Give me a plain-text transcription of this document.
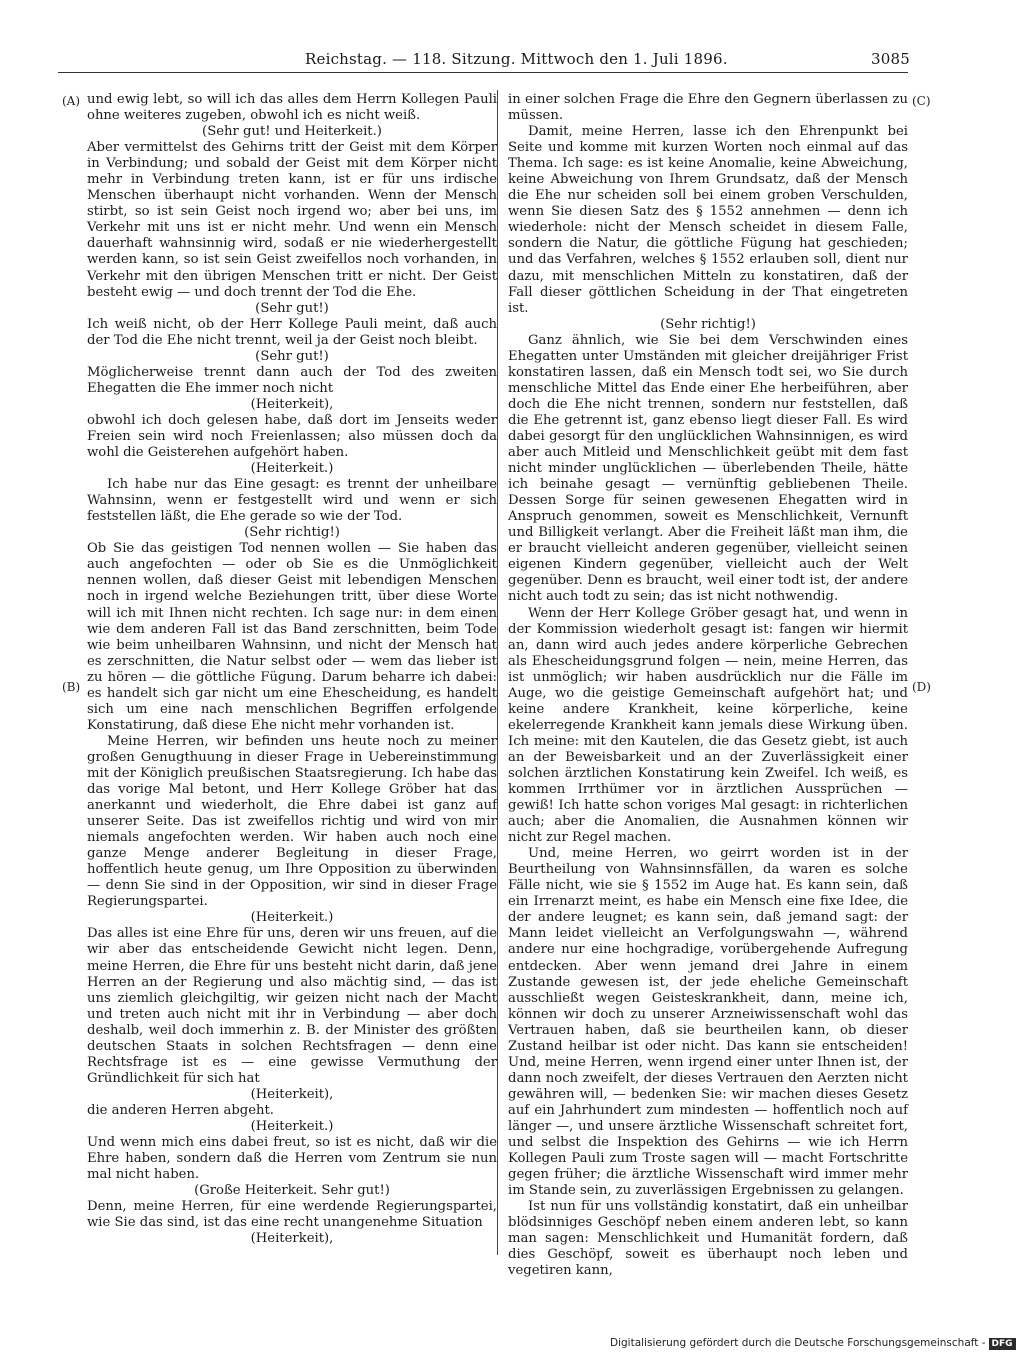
Reichstag. — 118. Sitzung. Mittwoch den 1. Juli 1896.	3085
(A)
(B)
(C)
(D)

und ewig lebt, so will ich das alles dem Herrn Kollegen Pauli ohne weiteres zugeben, obwohl ich es nicht weiß.

(Sehr gut! und Heiterkeit.)

Aber vermittelst des Gehirns tritt der Geist mit dem Körper in Verbindung; und sobald der Geist mit dem Körper nicht mehr in Verbindung treten kann, ist er für uns irdische Menschen überhaupt nicht vorhanden. Wenn der Mensch stirbt, so ist sein Geist noch irgend wo; aber bei uns, im Verkehr mit uns ist er nicht mehr. Und wenn ein Mensch dauerhaft wahnsinnig wird, sodaß er nie wiederhergestellt werden kann, so ist sein Geist zweifellos noch vorhanden, in Verkehr mit den übrigen Menschen tritt er nicht. Der Geist besteht ewig — und doch trennt der Tod die Ehe.

(Sehr gut!)

Ich weiß nicht, ob der Herr Kollege Pauli meint, daß auch der Tod die Ehe nicht trennt, weil ja der Geist noch bleibt.

(Sehr gut!)

Möglicherweise trennt dann auch der Tod des zweiten Ehegatten die Ehe immer noch nicht

(Heiterkeit),

obwohl ich doch gelesen habe, daß dort im Jenseits weder Freien sein wird noch Freienlassen; also müssen doch da wohl die Geisterehen aufgehört haben.

(Heiterkeit.)

Ich habe nur das Eine gesagt: es trennt der unheilbare Wahnsinn, wenn er festgestellt wird und wenn er sich feststellen läßt, die Ehe gerade so wie der Tod.

(Sehr richtig!)

Ob Sie das geistigen Tod nennen wollen — Sie haben das auch angefochten — oder ob Sie es die Unmöglichkeit nennen wollen, daß dieser Geist mit lebendigen Menschen noch in irgend welche Beziehungen tritt, über diese Worte will ich mit Ihnen nicht rechten. Ich sage nur: in dem einen wie dem anderen Fall ist das Band zerschnitten, beim Tode wie beim unheilbaren Wahnsinn, und nicht der Mensch hat es zerschnitten, die Natur selbst oder — wem das lieber ist zu hören — die göttliche Fügung. Darum beharre ich dabei: es handelt sich gar nicht um eine Ehescheidung, es handelt sich um eine nach menschlichen Begriffen erfolgende Konstatirung, daß diese Ehe nicht mehr vorhanden ist.

Meine Herren, wir befinden uns heute noch zu meiner großen Genugthuung in dieser Frage in Uebereinstimmung mit der Königlich preußischen Staatsregierung. Ich habe das das vorige Mal betont, und Herr Kollege Gröber hat das anerkannt und wiederholt, die Ehre dabei ist ganz auf unserer Seite. Das ist zweifellos richtig und wird von mir niemals angefochten werden. Wir haben auch noch eine ganze Menge anderer Begleitung in dieser Frage, hoffentlich heute genug, um Ihre Opposition zu überwinden — denn Sie sind in der Opposition, wir sind in dieser Frage Regierungspartei.

(Heiterkeit.)

Das alles ist eine Ehre für uns, deren wir uns freuen, auf die wir aber das entscheidende Gewicht nicht legen. Denn, meine Herren, die Ehre für uns besteht nicht darin, daß jene Herren an der Regierung und also mächtig sind, — das ist uns ziemlich gleichgiltig, wir geizen nicht nach der Macht und treten auch nicht mit ihr in Verbindung — aber doch deshalb, weil doch immerhin z. B. der Minister des größten deutschen Staats in solchen Rechtsfragen — denn eine Rechtsfrage ist es — eine gewisse Vermuthung der Gründlichkeit für sich hat

(Heiterkeit),

die anderen Herren abgeht.

(Heiterkeit.)

Und wenn mich eins dabei freut, so ist es nicht, daß wir die Ehre haben, sondern daß die Herren vom Zentrum sie nun mal nicht haben.

(Große Heiterkeit. Sehr gut!)

Denn, meine Herren, für eine werdende Regierungspartei, wie Sie das sind, ist das eine recht unangenehme Situation

(Heiterkeit),

in einer solchen Frage die Ehre den Gegnern überlassen zu müssen.

Damit, meine Herren, lasse ich den Ehrenpunkt bei Seite und komme mit kurzen Worten noch einmal auf das Thema. Ich sage: es ist keine Anomalie, keine Abweichung, keine Abweichung von Ihrem Grundsatz, daß der Mensch die Ehe nur scheiden soll bei einem groben Verschulden, wenn Sie diesen Satz des § 1552 annehmen — denn ich wiederhole: nicht der Mensch scheidet in diesem Falle, sondern die Natur, die göttliche Fügung hat geschieden; und das Verfahren, welches § 1552 erlauben soll, dient nur dazu, mit menschlichen Mitteln zu konstatiren, daß der Fall dieser göttlichen Scheidung in der That eingetreten ist.

(Sehr richtig!)

Ganz ähnlich, wie Sie bei dem Verschwinden eines Ehegatten unter Umständen mit gleicher dreijähriger Frist konstatiren lassen, daß ein Mensch todt sei, wo Sie durch menschliche Mittel das Ende einer Ehe herbeiführen, aber doch die Ehe nicht trennen, sondern nur feststellen, daß die Ehe getrennt ist, ganz ebenso liegt dieser Fall. Es wird dabei gesorgt für den unglücklichen Wahnsinnigen, es wird aber auch Mitleid und Menschlichkeit geübt mit dem fast nicht minder unglücklichen — überlebenden Theile, hätte ich beinahe gesagt — vernünftig gebliebenen Theile. Dessen Sorge für seinen gewesenen Ehegatten wird in Anspruch genommen, soweit es Menschlichkeit, Vernunft und Billigkeit verlangt. Aber die Freiheit läßt man ihm, die er braucht vielleicht anderen gegenüber, vielleicht seinen eigenen Kindern gegenüber, vielleicht auch der Welt gegenüber. Denn es braucht, weil einer todt ist, der andere nicht auch todt zu sein; das ist nicht nothwendig.

Wenn der Herr Kollege Gröber gesagt hat, und wenn in der Kommission wiederholt gesagt ist: fangen wir hiermit an, dann wird auch jedes andere körperliche Gebrechen als Ehescheidungsgrund folgen — nein, meine Herren, das ist unmöglich; wir haben ausdrücklich nur die Fälle im Auge, wo die geistige Gemeinschaft aufgehört hat; und keine andere Krankheit, keine körperliche, keine ekelerregende Krankheit kann jemals diese Wirkung üben. Ich meine: mit den Kautelen, die das Gesetz giebt, ist auch an der Beweisbarkeit und an der Zuverlässigkeit einer solchen ärztlichen Konstatirung kein Zweifel. Ich weiß, es kommen Irrthümer vor in ärztlichen Aussprüchen — gewiß! Ich hatte schon voriges Mal gesagt: in richterlichen auch; aber die Anomalien, die Ausnahmen können wir nicht zur Regel machen.

Und, meine Herren, wo geirrt worden ist in der Beurtheilung von Wahnsinnsfällen, da waren es solche Fälle nicht, wie sie § 1552 im Auge hat. Es kann sein, daß ein Irrenarzt meint, es habe ein Mensch eine fixe Idee, die der andere leugnet; es kann sein, daß jemand sagt: der Mann leidet vielleicht an Verfolgungswahn —, während andere nur eine hochgradige, vorübergehende Aufregung entdecken. Aber wenn jemand drei Jahre in einem Zustande gewesen ist, der jede eheliche Gemeinschaft ausschließt wegen Geisteskrankheit, dann, meine ich, können wir doch zu unserer Arzneiwissenschaft wohl das Vertrauen haben, daß sie beurtheilen kann, ob dieser Zustand heilbar ist oder nicht. Das kann sie entscheiden! Und, meine Herren, wenn irgend einer unter Ihnen ist, der dann noch zweifelt, der dieses Vertrauen den Aerzten nicht gewähren will, — bedenken Sie: wir machen dieses Gesetz auf ein Jahrhundert zum mindesten — hoffentlich noch auf länger —, und unsere ärztliche Wissenschaft schreitet fort, und selbst die Inspektion des Gehirns — wie ich Herrn Kollegen Pauli zum Troste sagen will — macht Fortschritte gegen früher; die ärztliche Wissenschaft wird immer mehr im Stande sein, zu zuverlässigen Ergebnissen zu gelangen.

Ist nun für uns vollständig konstatirt, daß ein unheilbar blödsinniges Geschöpf neben einem anderen lebt, so kann man sagen: Menschlichkeit und Humanität fordern, daß dies Geschöpf, soweit es überhaupt noch leben und vegetiren kann,

Digitalisierung gefördert durch die Deutsche Forschungsgemeinschaft - DFG
